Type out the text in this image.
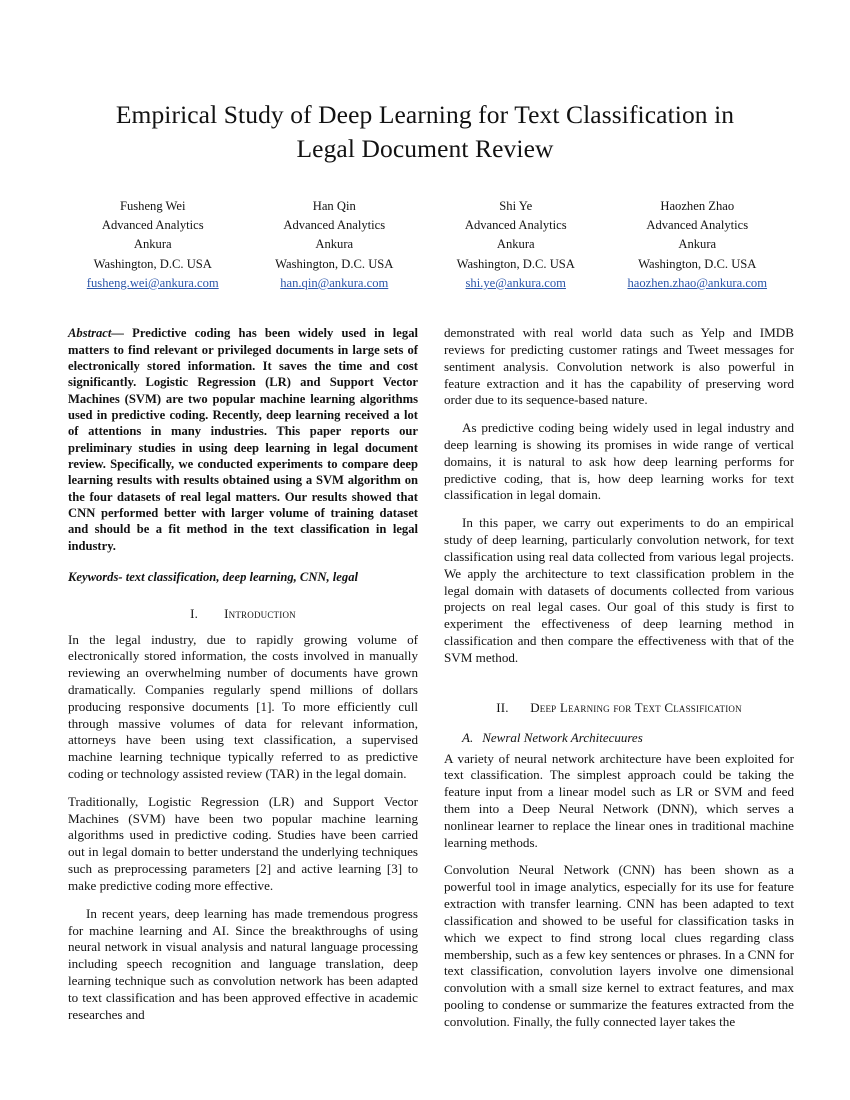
Empirical Study of Deep Learning for Text Classification in Legal Document Review
Fusheng Wei
Advanced Analytics
Ankura
Washington, D.C. USA
fusheng.wei@ankura.com
Han Qin
Advanced Analytics
Ankura
Washington, D.C. USA
han.qin@ankura.com
Shi Ye
Advanced Analytics
Ankura
Washington, D.C. USA
shi.ye@ankura.com
Haozhen Zhao
Advanced Analytics
Ankura
Washington, D.C. USA
haozhen.zhao@ankura.com

Abstract— Predictive coding has been widely used in legal matters to find relevant or privileged documents in large sets of electronically stored information. It saves the time and cost significantly. Logistic Regression (LR) and Support Vector Machines (SVM) are two popular machine learning algorithms used in predictive coding. Recently, deep learning received a lot of attentions in many industries. This paper reports our preliminary studies in using deep learning in legal document review. Specifically, we conducted experiments to compare deep learning results with results obtained using a SVM algorithm on the four datasets of real legal matters. Our results showed that CNN performed better with larger volume of training dataset and should be a fit method in the text classification in legal industry.

Keywords- text classification, deep learning, CNN, legal

I. Introduction

In the legal industry, due to rapidly growing volume of electronically stored information, the costs involved in manually reviewing an overwhelming number of documents have grown dramatically. Companies regularly spend millions of dollars producing responsive documents [1]. To more efficiently cull through massive volumes of data for relevant information, attorneys have been using text classification, a supervised machine learning technique typically referred to as predictive coding or technology assisted review (TAR) in the legal domain.

Traditionally, Logistic Regression (LR) and Support Vector Machines (SVM) have been two popular machine learning algorithms used in predictive coding. Studies have been carried out in legal domain to better understand the underlying techniques such as preprocessing parameters [2] and active learning [3] to make predictive coding more effective.

In recent years, deep learning has made tremendous progress for machine learning and AI. Since the breakthroughs of using neural network in visual analysis and natural language processing including speech recognition and language translation, deep learning technique such as convolution network has been adapted to text classification and has been approved effective in academic researches and

demonstrated with real world data such as Yelp and IMDB reviews for predicting customer ratings and Tweet messages for sentiment analysis. Convolution network is also powerful in feature extraction and it has the capability of preserving word order due to its sequence-based nature.

As predictive coding being widely used in legal industry and deep learning is showing its promises in wide range of vertical domains, it is natural to ask how deep learning performs for predictive coding, that is, how deep learning works for text classification in legal domain.

In this paper, we carry out experiments to do an empirical study of deep learning, particularly convolution network, for text classification using real data collected from various legal projects. We apply the architecture to text classification problem in the legal domain with datasets of documents collected from various projects on real legal cases. Our goal of this study is first to experiment the effectiveness of deep learning method in classification and then compare the effectiveness with that of the SVM method.

II. Deep Learning for Text Classification
A. Newral Network Architecuures

A variety of neural network architecture have been exploited for text classification. The simplest approach could be taking the feature input from a linear model such as LR or SVM and feed them into a Deep Neural Network (DNN), which serves a nonlinear learner to replace the linear ones in traditional machine learning methods.

Convolution Neural Network (CNN) has been shown as a powerful tool in image analytics, especially for its use for feature extraction with transfer learning. CNN has been adapted to text classification and showed to be useful for classification tasks in which we expect to find strong local clues regarding class membership, such as a few key sentences or phrases. In a CNN for text classification, convolution layers involve one dimensional convolution with a small size kernel to extract features, and max pooling to condense or summarize the features extracted from the convolution. Finally, the fully connected layer takes the
